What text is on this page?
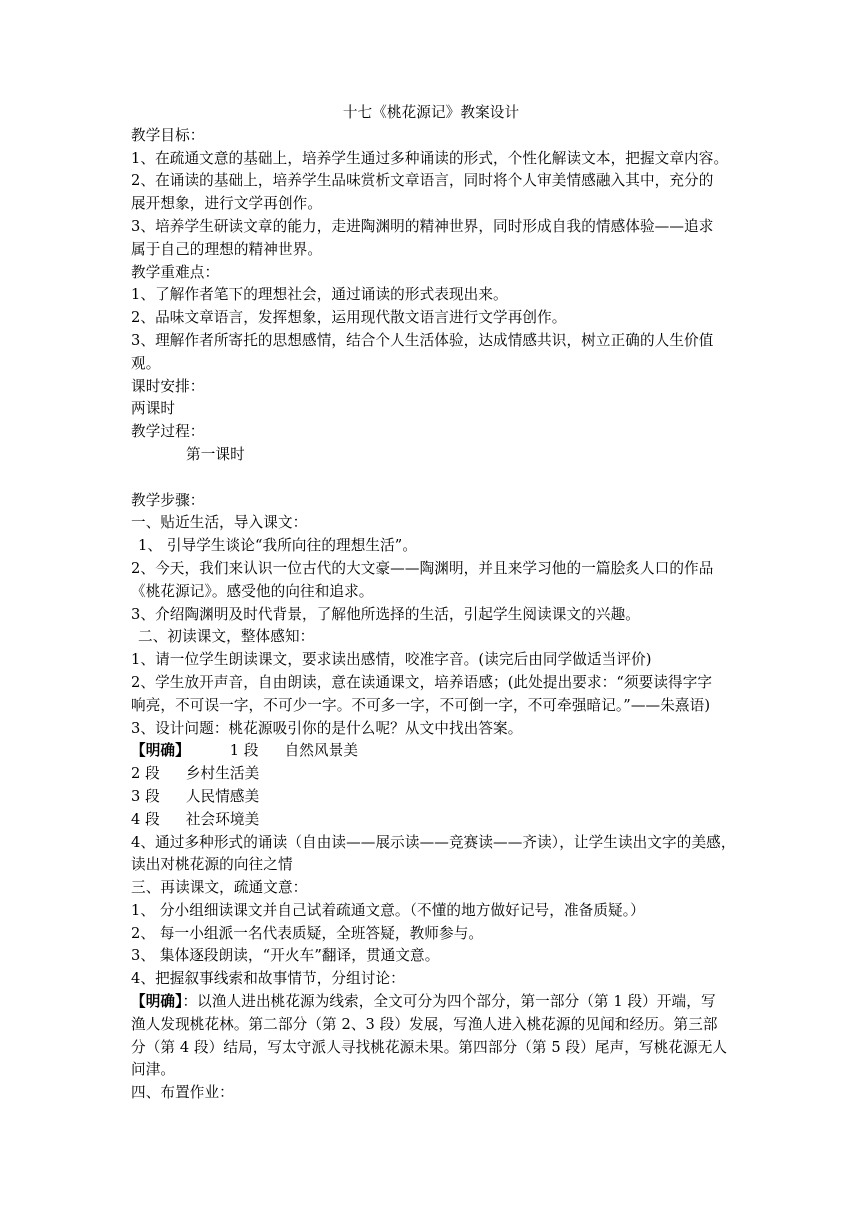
十七《桃花源记》教案设计
教学目标：
1、在疏通文意的基础上，培养学生通过多种诵读的形式，个性化解读文本，把握文章内容。
2、在诵读的基础上，培养学生品味赏析文章语言，同时将个人审美情感融入其中，充分的
展开想象，进行文学再创作。
3、培养学生研读文章的能力，走进陶渊明的精神世界，同时形成自我的情感体验——追求
属于自己的理想的精神世界。
教学重难点：
1、了解作者笔下的理想社会，通过诵读的形式表现出来。
2、品味文章语言，发挥想象，运用现代散文语言进行文学再创作。
3、理解作者所寄托的思想感情，结合个人生活体验，达成情感共识，树立正确的人生价值
观。
课时安排：
两课时
教学过程：
第一课时
教学步骤：
一、贴近生活，导入课文：
1、 引导学生谈论“我所向往的理想生活”。
2、今天，我们来认识一位古代的大文豪——陶渊明，并且来学习他的一篇脍炙人口的作品
《桃花源记》。感受他的向往和追求。
3、介绍陶渊明及时代背景，了解他所选择的生活，引起学生阅读课文的兴趣。
二、初读课文，整体感知：
1、请一位学生朗读课文，要求读出感情，咬准字音。(读完后由同学做适当评价)
2、学生放开声音，自由朗读，意在读通课文，培养语感；(此处提出要求：“须要读得字字
响亮，不可误一字，不可少一字。不可多一字，不可倒一字，不可牵强暗记。”——朱熹语)
3、设计问题：桃花源吸引你的是什么呢？从文中找出答案。
【明确】	1 段 自然风景美
2 段 乡村生活美
3 段 人民情感美
4 段 社会环境美
4、通过多种形式的诵读（自由读——展示读——竞赛读——齐读），让学生读出文字的美感，
读出对桃花源的向往之情
三、再读课文，疏通文意：
1、 分小组细读课文并自己试着疏通文意。（不懂的地方做好记号，准备质疑。）
2、 每一小组派一名代表质疑，全班答疑，教师参与。
3、 集体逐段朗读，“开火车”翻译，贯通文意。
4、把握叙事线索和故事情节，分组讨论：
【明确】：以渔人进出桃花源为线索，全文可分为四个部分，第一部分（第 1 段）开端，写
渔人发现桃花林。第二部分（第 2、3 段）发展，写渔人进入桃花源的见闻和经历。第三部
分（第 4 段）结局，写太守派人寻找桃花源未果。第四部分（第 5 段）尾声，写桃花源无人
问津。
四、布置作业：
